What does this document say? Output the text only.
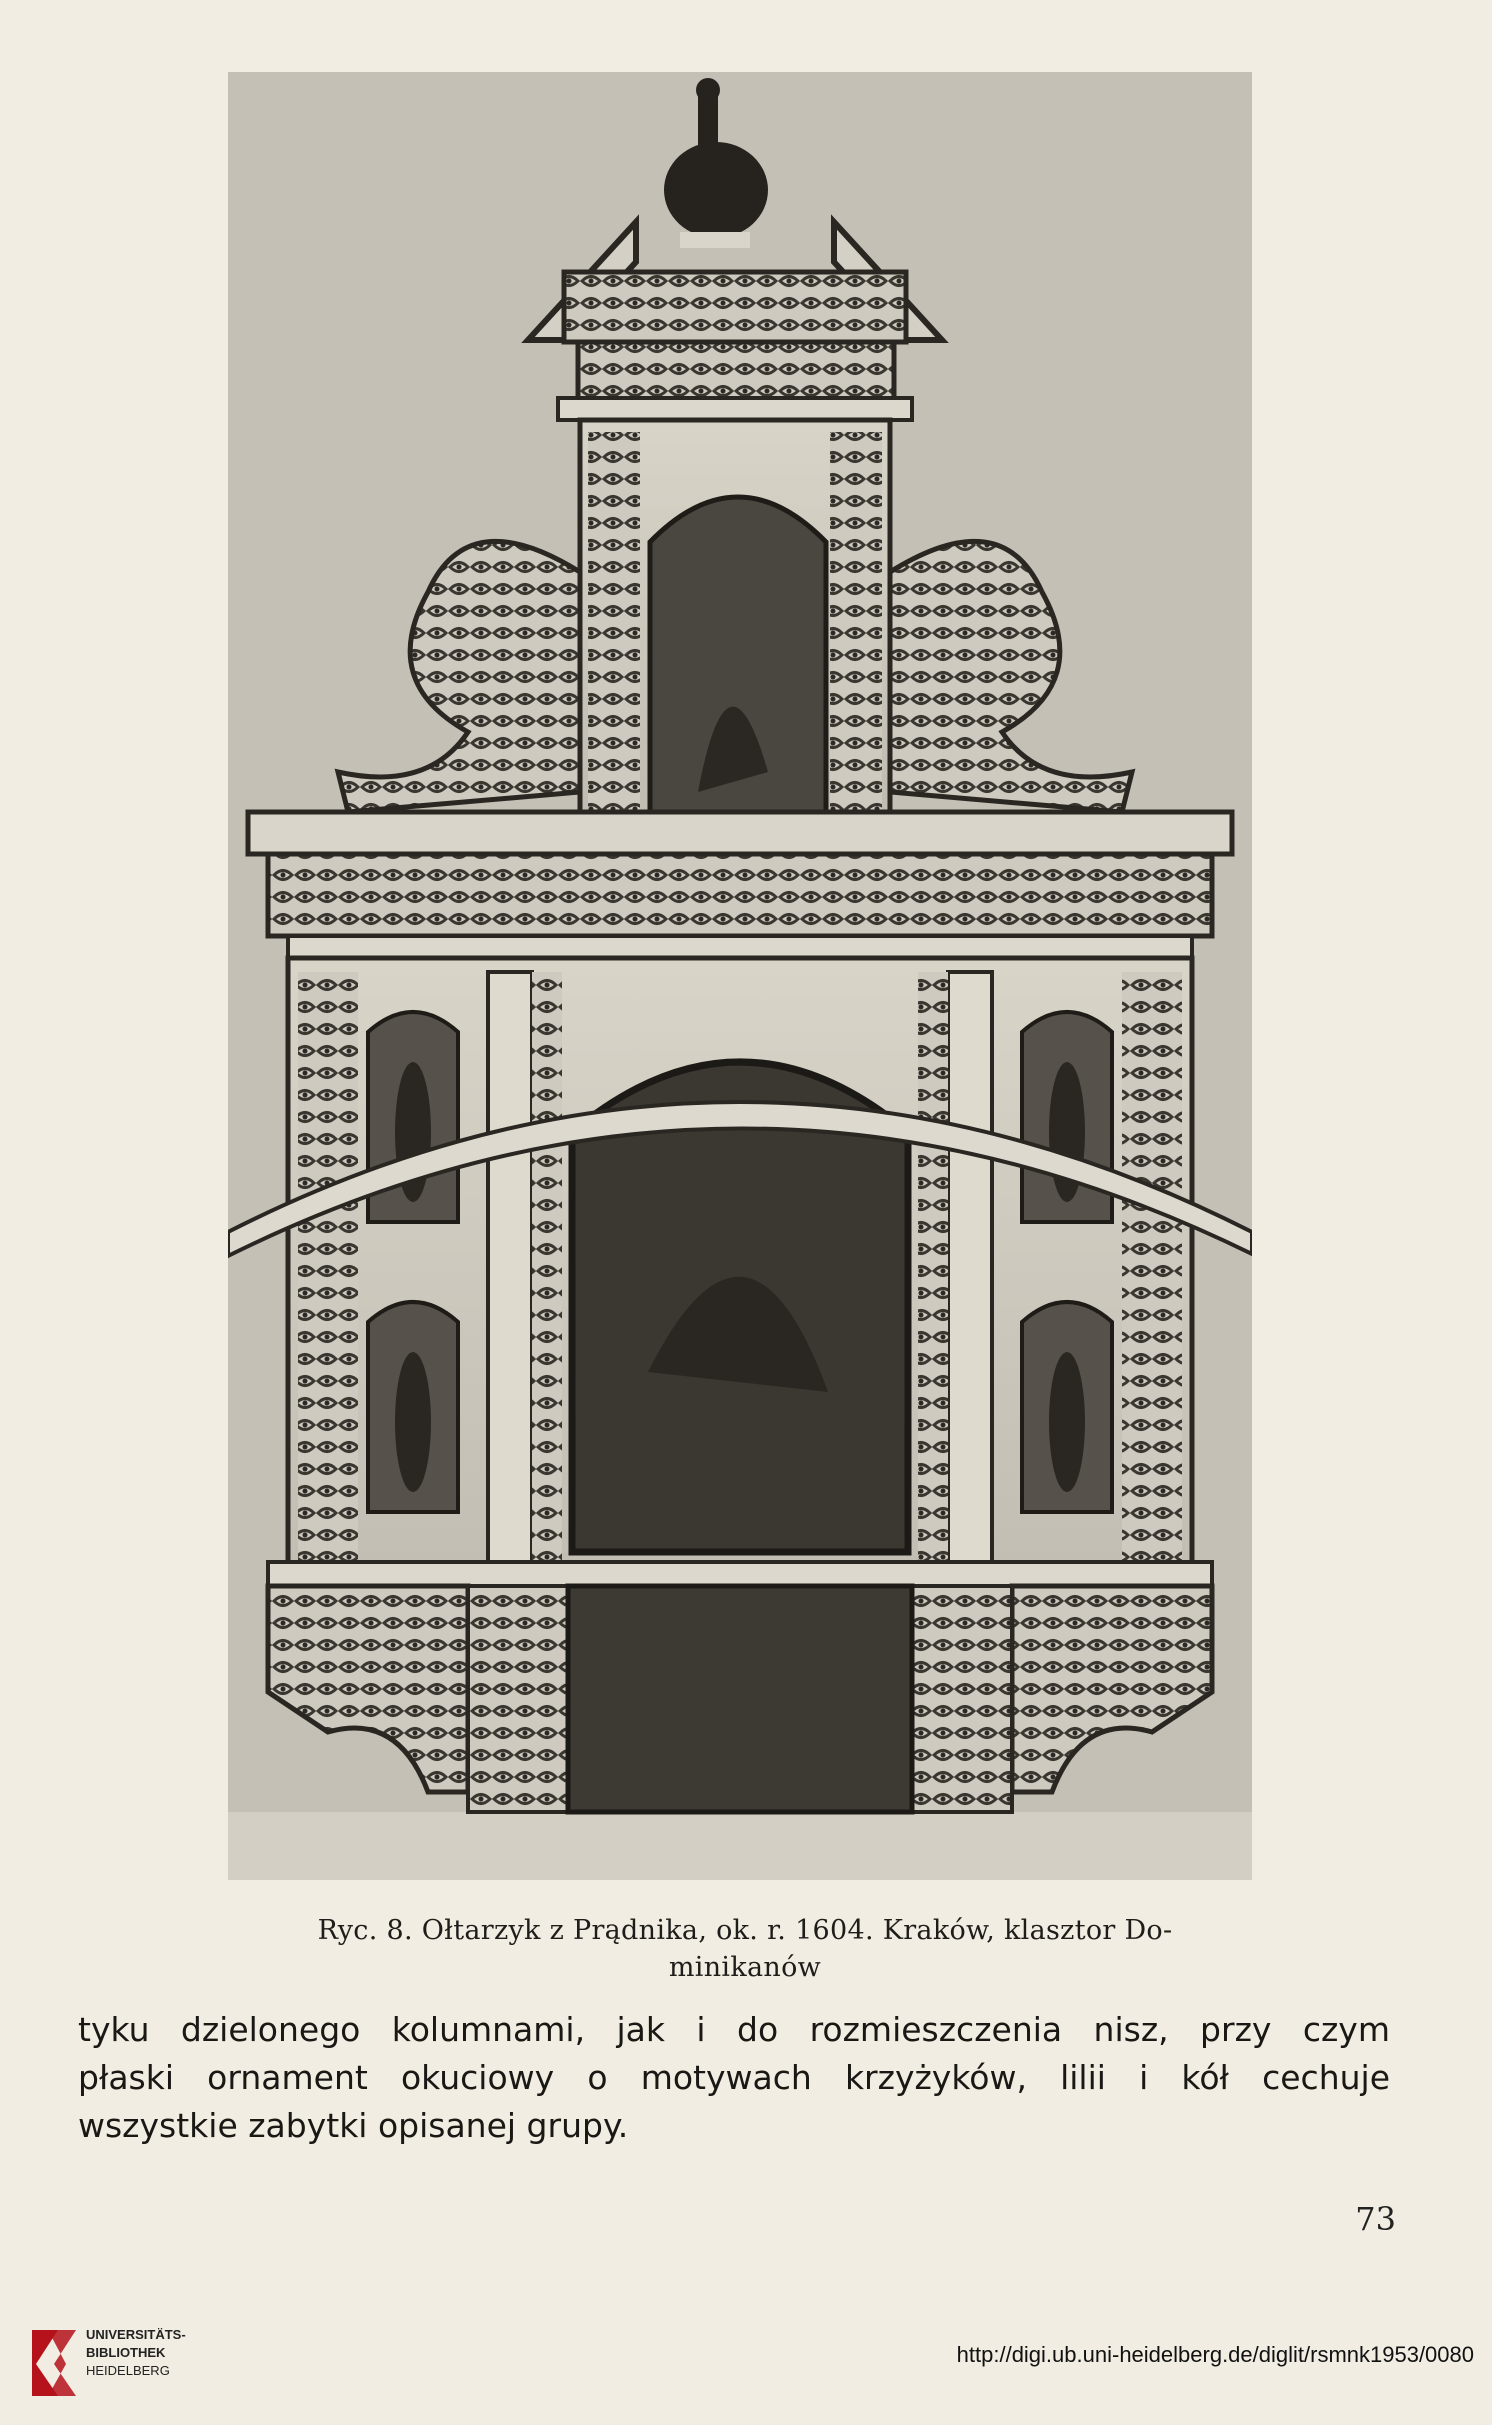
Ryc. 8. Ołtarzyk z Prądnika, ok. r. 1604. Kraków, klasztor Do-
minikanów
tyku dzielonego kolumnami, jak i do rozmieszczenia nisz, przy czym
płaski ornament okuciowy o motywach krzyżyków, lilii i kół cechuje
wszystkie zabytki opisanej grupy.
73
UNIVERSITÄTS-
BIBLIOTHEK
HEIDELBERG
http://digi.ub.uni-heidelberg.de/diglit/rsmnk1953/0080
